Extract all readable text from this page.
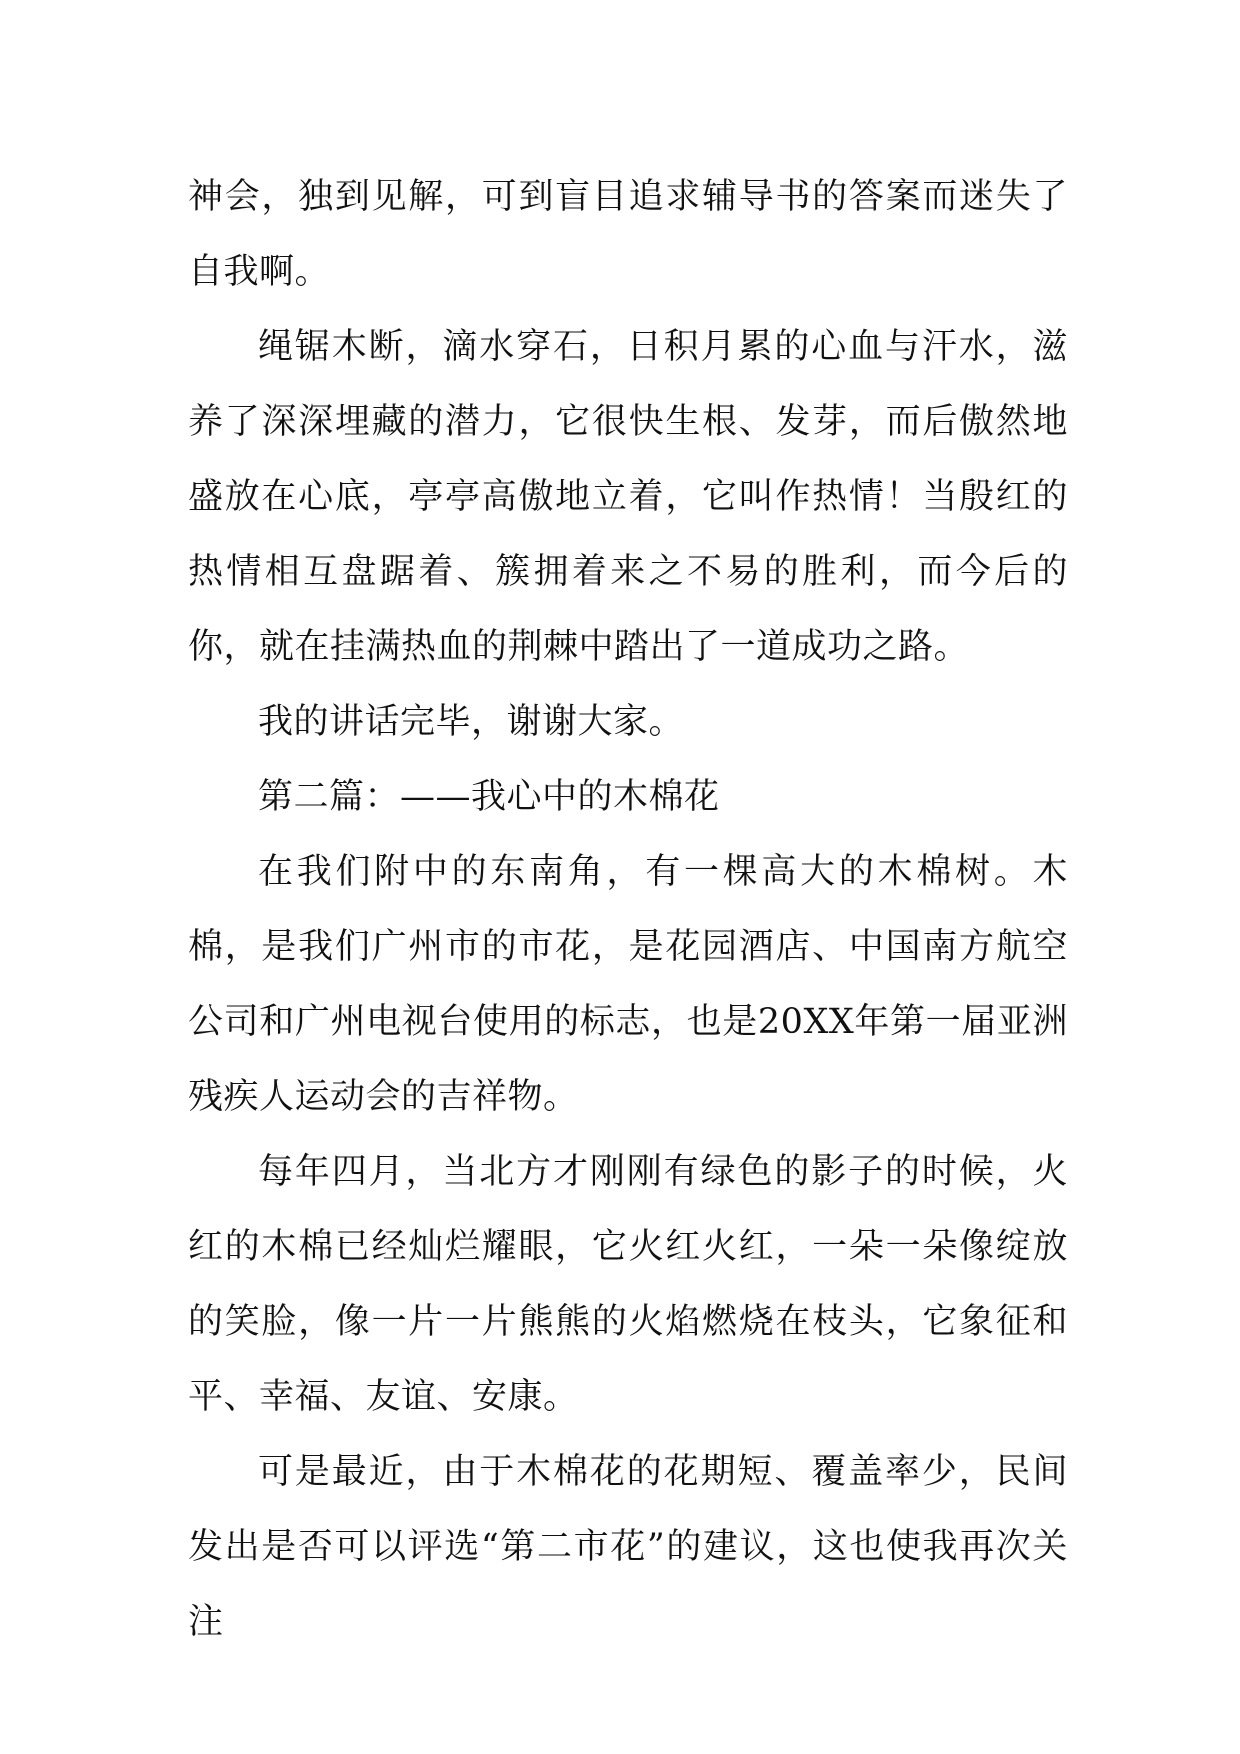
神会，独到见解，可到盲目追求辅导书的答案而迷失了自我啊。

绳锯木断，滴水穿石，日积月累的心血与汗水，滋养了深深埋藏的潜力，它很快生根、发芽，而后傲然地盛放在心底，亭亭高傲地立着，它叫作热情！当殷红的热情相互盘踞着、簇拥着来之不易的胜利，而今后的你，就在挂满热血的荆棘中踏出了一道成功之路。

我的讲话完毕，谢谢大家。

第二篇：——我心中的木棉花

在我们附中的东南角，有一棵高大的木棉树。木棉，是我们广州市的市花，是花园酒店、中国南方航空公司和广州电视台使用的标志，也是20XX年第一届亚洲残疾人运动会的吉祥物。

每年四月，当北方才刚刚有绿色的影子的时候，火红的木棉已经灿烂耀眼，它火红火红，一朵一朵像绽放的笑脸，像一片一片熊熊的火焰燃烧在枝头，它象征和平、幸福、友谊、安康。

可是最近，由于木棉花的花期短、覆盖率少，民间发出是否可以评选“第二市花”的建议，这也使我再次关注
